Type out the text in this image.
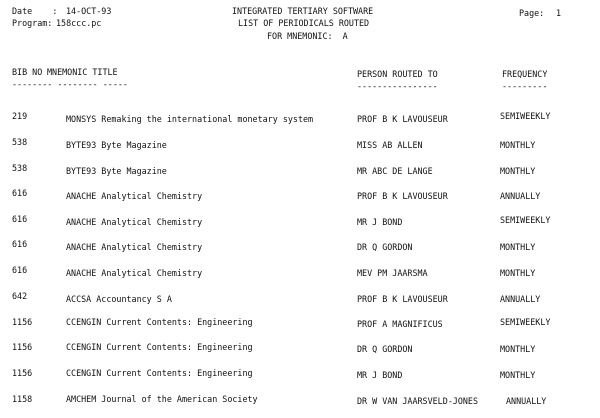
Date    : 14-OCT-93
Program: 158ccc.pc
INTEGRATED TERTIARY SOFTWARE
LIST OF PERIODICALS ROUTED
FOR MNEMONIC:  A
Page: 1
BIB NO MNEMONIC TITLE	PERSON ROUTED TO	FREQUENCY
-------- -------- -----	----------------	---------
219	MONSYS Remaking the international monetary system	PROF B K LAVOUSEUR	SEMIWEEKLY
538	BYTE93 Byte Magazine	MISS AB ALLEN	MONTHLY
538	BYTE93 Byte Magazine	MR ABC DE LANGE	MONTHLY
616	ANACHE Analytical Chemistry	PROF B K LAVOUSEUR	ANNUALLY
616	ANACHE Analytical Chemistry	MR J BOND	SEMIWEEKLY
616	ANACHE Analytical Chemistry	DR Q GORDON	MONTHLY
616	ANACHE Analytical Chemistry	MEV PM JAARSMA	MONTHLY
642	ACCSA Accountancy S A	PROF B K LAVOUSEUR	ANNUALLY
1156	CCENGIN Current Contents: Engineering	PROF A MAGNIFICUS	SEMIWEEKLY
1156	CCENGIN Current Contents: Engineering	DR Q GORDON	MONTHLY
1156	CCENGIN Current Contents: Engineering	MR J BOND	MONTHLY
1158	AMCHEM Journal of the American Society	DR W VAN JAARSVELD-JONES	ANNUALLY
